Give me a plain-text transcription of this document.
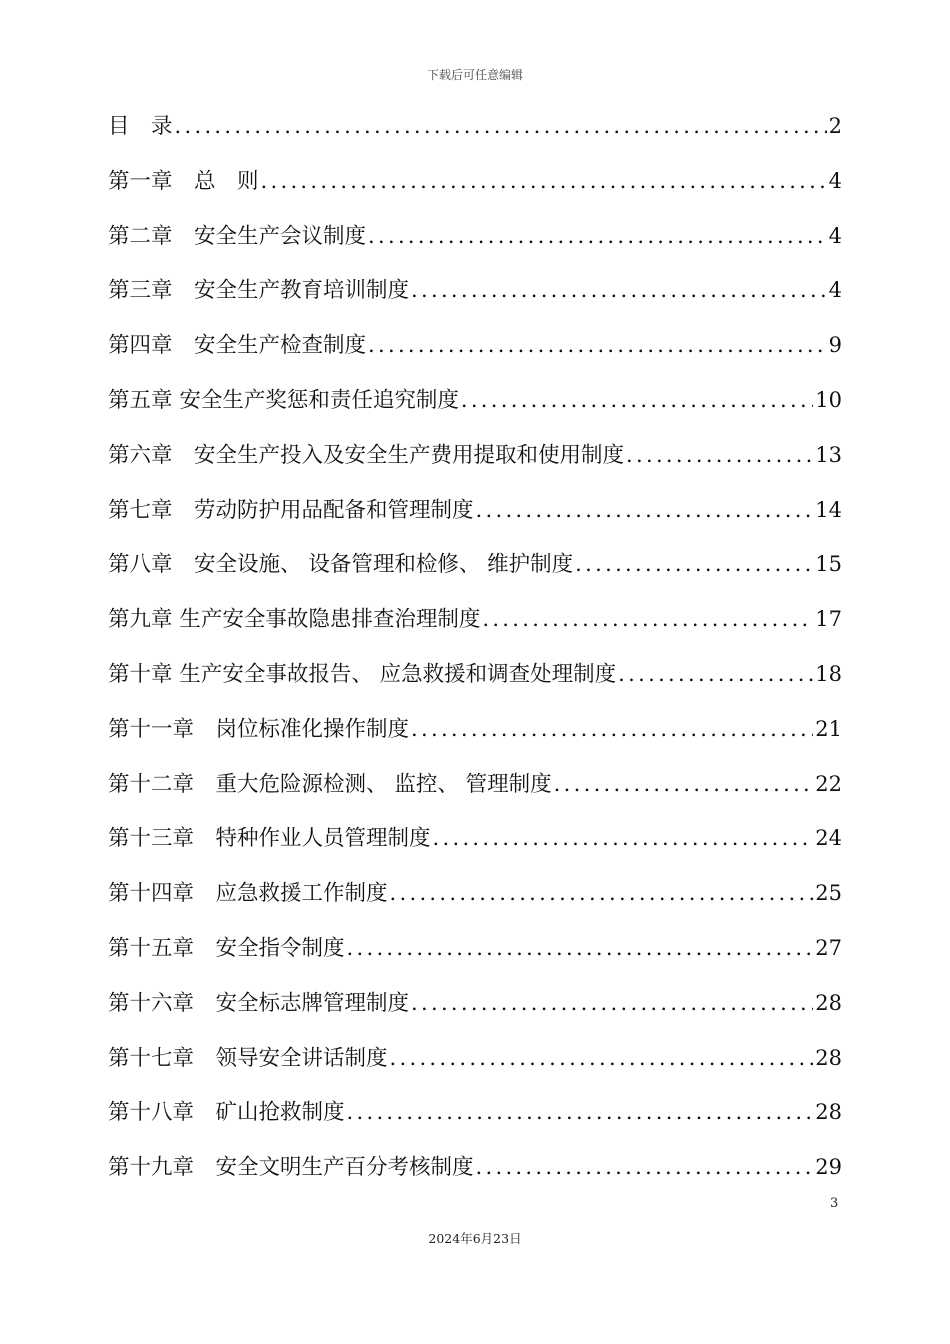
下载后可任意编辑
目　录 .....	2
第一章　总　则 .....	4
第二章　安全生产会议制度 .....	4
第三章　安全生产教育培训制度 .....	4
第四章　安全生产检查制度 .....	9
第五章 安全生产奖惩和责任追究制度 .....	10
第六章　安全生产投入及安全生产费用提取和使用制度 .....	13
第七章　劳动防护用品配备和管理制度 .....	14
第八章　安全设施、 设备管理和检修、 维护制度 .....	15
第九章 生产安全事故隐患排查治理制度 .....	17
第十章 生产安全事故报告、 应急救援和调查处理制度 .....	18
第十一章　岗位标准化操作制度 .....	21
第十二章　重大危险源检测、 监控、 管理制度 .....	22
第十三章　特种作业人员管理制度 .....	24
第十四章　应急救援工作制度 .....	25
第十五章　安全指令制度 .....	27
第十六章　安全标志牌管理制度 .....	28
第十七章　领导安全讲话制度 .....	28
第十八章　矿山抢救制度 .....	28
第十九章　安全文明生产百分考核制度 .....	29
3
2024年6月23日
